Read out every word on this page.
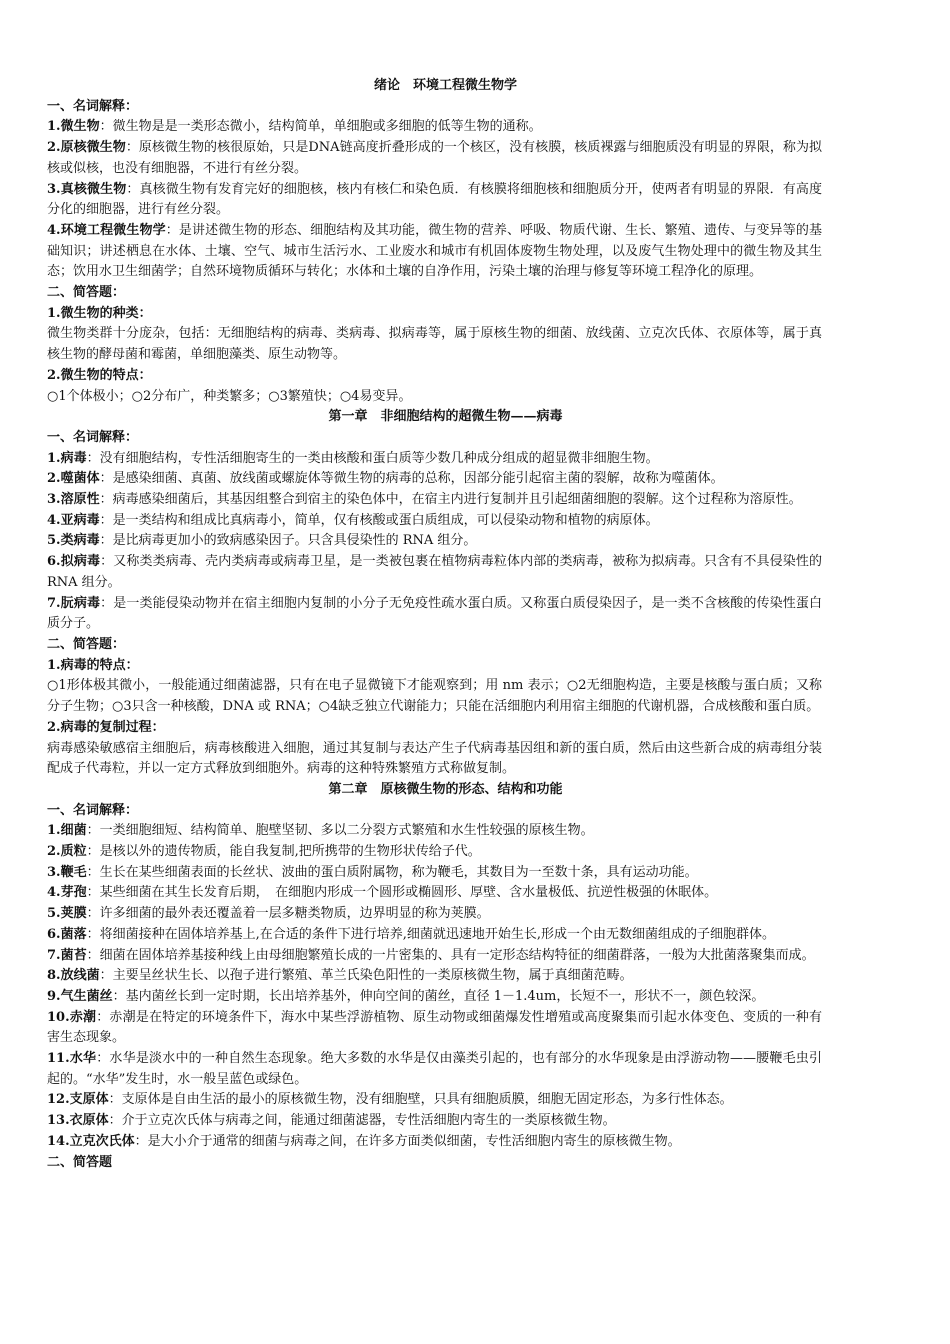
绪论　环境工程微生物学

一、名词解释：

1.微生物：微生物是是一类形态微小，结构简单，单细胞或多细胞的低等生物的通称。

2.原核微生物：原核微生物的核很原始，只是DNA链高度折叠形成的一个核区，没有核膜，核质裸露与细胞质没有明显的界限，称为拟核或似核，也没有细胞器，不进行有丝分裂。

3.真核微生物：真核微生物有发育完好的细胞核，核内有核仁和染色质．有核膜将细胞核和细胞质分开，使两者有明显的界限．有高度分化的细胞器，进行有丝分裂。

4.环境工程微生物学：是讲述微生物的形态、细胞结构及其功能，微生物的营养、呼吸、物质代谢、生长、繁殖、遗传、与变异等的基础知识；讲述栖息在水体、土壤、空气、城市生活污水、工业废水和城市有机固体废物生物处理，以及废气生物处理中的微生物及其生态；饮用水卫生细菌学；自然环境物质循环与转化；水体和土壤的自净作用，污染土壤的治理与修复等环境工程净化的原理。

二、简答题：

1.微生物的种类：

微生物类群十分庞杂，包括：无细胞结构的病毒、类病毒、拟病毒等，属于原核生物的细菌、放线菌、立克次氏体、衣原体等，属于真核生物的酵母菌和霉菌，单细胞藻类、原生动物等。

2.微生物的特点：

○1个体极小；○2分布广，种类繁多；○3繁殖快；○4易变异。

第一章　非细胞结构的超微生物——病毒

一、名词解释：

1.病毒：没有细胞结构，专性活细胞寄生的一类由核酸和蛋白质等少数几种成分组成的超显微非细胞生物。

2.噬菌体：是感染细菌、真菌、放线菌或螺旋体等微生物的病毒的总称，因部分能引起宿主菌的裂解，故称为噬菌体。

3.溶原性：病毒感染细菌后，其基因组整合到宿主的染色体中，在宿主内进行复制并且引起细菌细胞的裂解。这个过程称为溶原性。

4.亚病毒：是一类结构和组成比真病毒小，简单，仅有核酸或蛋白质组成，可以侵染动物和植物的病原体。

5.类病毒：是比病毒更加小的致病感染因子。只含具侵染性的 RNA 组分。

6.拟病毒：又称类类病毒、壳内类病毒或病毒卫星，是一类被包裹在植物病毒粒体内部的类病毒，被称为拟病毒。只含有不具侵染性的 RNA 组分。

7.朊病毒：是一类能侵染动物并在宿主细胞内复制的小分子无免疫性疏水蛋白质。又称蛋白质侵染因子，是一类不含核酸的传染性蛋白质分子。

二、简答题：

1.病毒的特点：

○1形体极其微小，一般能通过细菌滤器，只有在电子显微镜下才能观察到；用 nm 表示；○2无细胞构造，主要是核酸与蛋白质；又称分子生物；○3只含一种核酸，DNA 或 RNA；○4缺乏独立代谢能力；只能在活细胞内利用宿主细胞的代谢机器，合成核酸和蛋白质。

2.病毒的复制过程：

病毒感染敏感宿主细胞后，病毒核酸进入细胞，通过其复制与表达产生子代病毒基因组和新的蛋白质，然后由这些新合成的病毒组分装配成子代毒粒，并以一定方式释放到细胞外。病毒的这种特殊繁殖方式称做复制。

第二章　原核微生物的形态、结构和功能

一、名词解释：

1.细菌：一类细胞细短、结构简单、胞壁坚韧、多以二分裂方式繁殖和水生性较强的原核生物。

2.质粒：是核以外的遗传物质，能自我复制,把所携带的生物形状传给子代。

3.鞭毛：生长在某些细菌表面的长丝状、波曲的蛋白质附属物，称为鞭毛，其数目为一至数十条，具有运动功能。

4.芽孢：某些细菌在其生长发育后期，　在细胞内形成一个圆形或椭圆形、厚壁、含水量极低、抗逆性极强的休眠体。

5.荚膜：许多细菌的最外表还覆盖着一层多糖类物质，边界明显的称为荚膜。

6.菌落：将细菌接种在固体培养基上,在合适的条件下进行培养,细菌就迅速地开始生长,形成一个由无数细菌组成的子细胞群体。

7.菌苔：细菌在固体培养基接种线上由母细胞繁殖长成的一片密集的、具有一定形态结构特征的细菌群落，一般为大批菌落聚集而成。

8.放线菌：主要呈丝状生长、以孢子进行繁殖、革兰氏染色阳性的一类原核微生物，属于真细菌范畴。

9.气生菌丝：基内菌丝长到一定时期，长出培养基外，伸向空间的菌丝，直径 1－1.4um，长短不一，形状不一，颜色较深。

10.赤潮：赤潮是在特定的环境条件下，海水中某些浮游植物、原生动物或细菌爆发性增殖或高度聚集而引起水体变色、变质的一种有害生态现象。

11.水华：水华是淡水中的一种自然生态现象。绝大多数的水华是仅由藻类引起的，也有部分的水华现象是由浮游动物——腰鞭毛虫引起的。“水华”发生时，水一般呈蓝色或绿色。

12.支原体：支原体是自由生活的最小的原核微生物，没有细胞壁，只具有细胞质膜，细胞无固定形态，为多行性体态。

13.衣原体：介于立克次氏体与病毒之间，能通过细菌滤器，专性活细胞内寄生的一类原核微生物。

14.立克次氏体：是大小介于通常的细菌与病毒之间，在许多方面类似细菌，专性活细胞内寄生的原核微生物。

二、简答题
